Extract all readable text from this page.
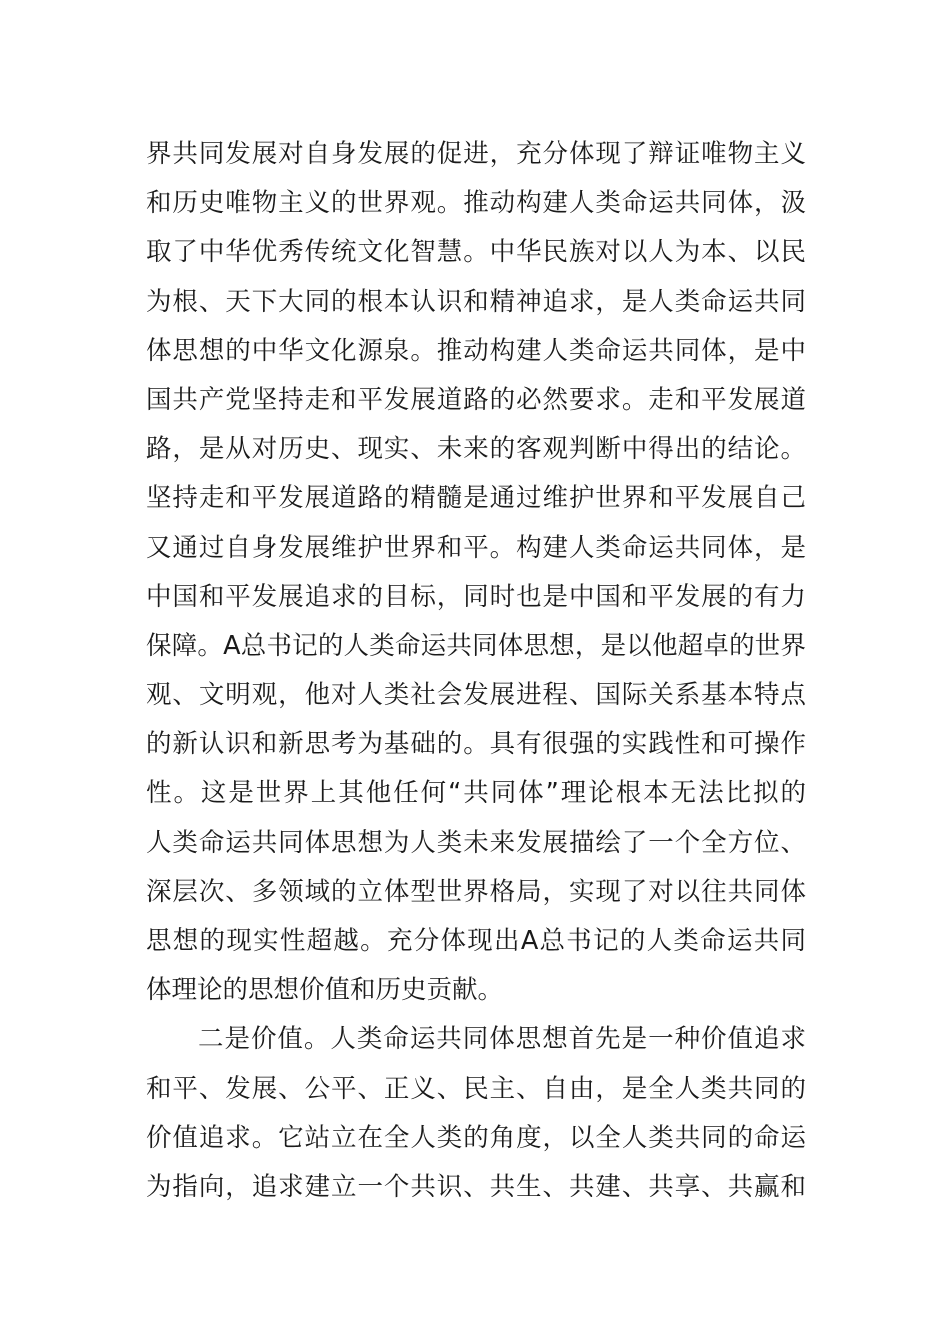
界共同发展对自身发展的促进，充分体现了辩证唯物主义
和历史唯物主义的世界观。推动构建人类命运共同体，汲
取了中华优秀传统文化智慧。中华民族对以人为本、以民
为根、天下大同的根本认识和精神追求，是人类命运共同
体思想的中华文化源泉。推动构建人类命运共同体，是中
国共产党坚持走和平发展道路的必然要求。走和平发展道
路，是从对历史、现实、未来的客观判断中得出的结论。
坚持走和平发展道路的精髓是通过维护世界和平发展自己
又通过自身发展维护世界和平。构建人类命运共同体，是
中国和平发展追求的目标，同时也是中国和平发展的有力
保障。A总书记的人类命运共同体思想，是以他超卓的世界
观、文明观，他对人类社会发展进程、国际关系基本特点
的新认识和新思考为基础的。具有很强的实践性和可操作
性。这是世界上其他任何“共同体”理论根本无法比拟的
人类命运共同体思想为人类未来发展描绘了一个全方位、
深层次、多领域的立体型世界格局，实现了对以往共同体
思想的现实性超越。充分体现出A总书记的人类命运共同
体理论的思想价值和历史贡献。
二是价值。人类命运共同体思想首先是一种价值追求
和平、发展、公平、正义、民主、自由，是全人类共同的
价值追求。它站立在全人类的角度，以全人类共同的命运
为指向，追求建立一个共识、共生、共建、共享、共赢和
